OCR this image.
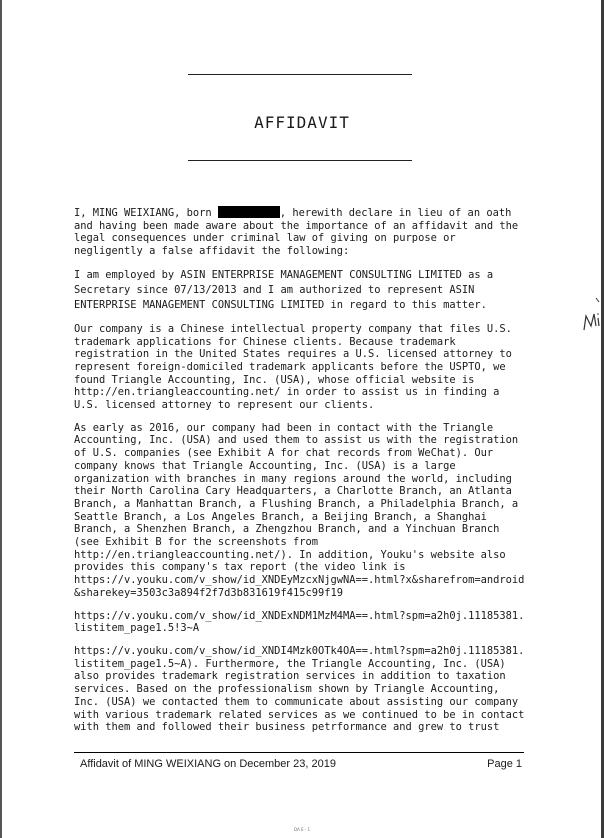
AFFIDAVIT

I, MING WEIXIANG, born	, herewith declare in lieu of an oath
and having been made aware about the importance of an affidavit and the
legal consequences under criminal law of giving on purpose or
negligently a false affidavit the following:

I am employed by ASIN ENTERPRISE MANAGEMENT CONSULTING LIMITED as a
Secretary since 07/13/2013 and I am authorized to represent ASIN
ENTERPRISE MANAGEMENT CONSULTING LIMITED in regard to this matter.

Our company is a Chinese intellectual property company that files U.S.
trademark applications for Chinese clients. Because trademark
registration in the United States requires a U.S. licensed attorney to
represent foreign-domiciled trademark applicants before the USPTO, we
found Triangle Accounting, Inc. (USA), whose official website is
http://en.triangleaccounting.net/ in order to assist us in finding a
U.S. licensed attorney to represent our clients.

As early as 2016, our company had been in contact with the Triangle
Accounting, Inc. (USA) and used them to assist us with the registration
of U.S. companies (see Exhibit A for chat records from WeChat). Our
company knows that Triangle Accounting, Inc. (USA) is a large
organization with branches in many regions around the world, including
their North Carolina Cary Headquarters, a Charlotte Branch, an Atlanta
Branch, a Manhattan Branch, a Flushing Branch, a Philadelphia Branch, a
Seattle Branch, a Los Angeles Branch, a Beijing Branch, a Shanghai
Branch, a Shenzhen Branch, a Zhengzhou Branch, and a Yinchuan Branch
(see Exhibit B for the screenshots from
http://en.triangleaccounting.net/). In addition, Youku's website also
provides this company's tax report (the video link is
https://v.youku.com/v_show/id_XNDEyMzcxNjgwNA==.html?x&sharefrom=android
&sharekey=3503c3a894f2f7d3b831619f415c99f19

https://v.youku.com/v_show/id_XNDExNDM1MzM4MA==.html?spm=a2h0j.11185381.
listitem_page1.5!3~A

https://v.youku.com/v_show/id_XNDI4Mzk0OTk4OA==.html?spm=a2h0j.11185381.
listitem_page1.5~A). Furthermore, the Triangle Accounting, Inc. (USA)
also provides trademark registration services in addition to taxation
services. Based on the professionalism shown by Triangle Accounting,
Inc. (USA) we contacted them to communicate about assisting our company
with various trademark related services as we continued to be in contact
with them and followed their business petrformance and grew to trust

Affidavit of MING WEIXIANG on December 23, 2019	Page 1
DA E - 1
